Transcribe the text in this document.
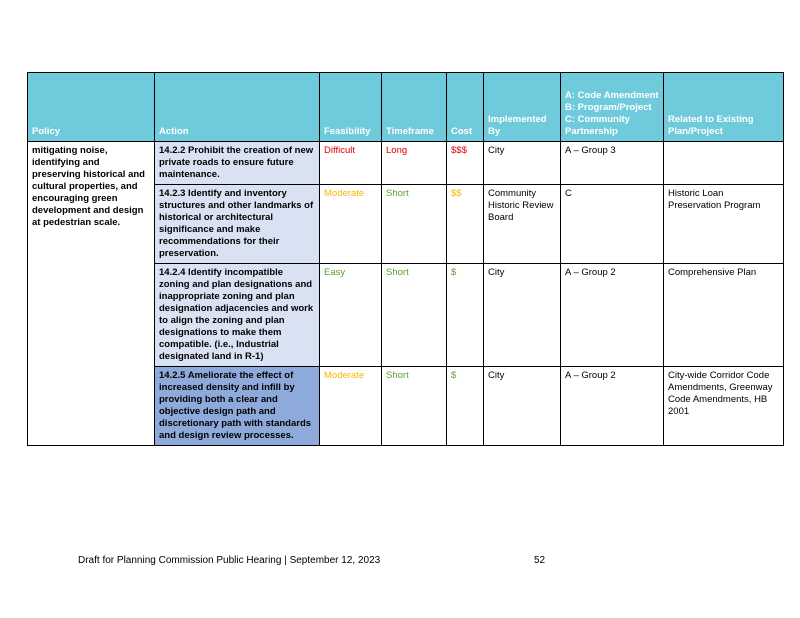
Policy	Action	Feasibility	Timeframe	Cost	Implemented By	A: Code Amendment
B: Program/Project
C: Community Partnership	Related to Existing Plan/Project
mitigating noise, identifying and preserving historical and cultural properties, and encouraging green development and design at pedestrian scale.	14.2.2 Prohibit the creation of new private roads to ensure future maintenance.	Difficult	Long	$$$	City	A – Group 3	
	14.2.3 Identify and inventory structures and other landmarks of historical or architectural significance and make recommendations for their preservation.	Moderate	Short	$$	Community Historic Review Board	C	Historic Loan Preservation Program
	14.2.4 Identify incompatible zoning and plan designations and inappropriate zoning and plan designation adjacencies and work to align the zoning and plan designations to make them compatible. (i.e., Industrial designated land in R-1)	Easy	Short	$	City	A – Group 2	Comprehensive Plan
	14.2.5 Ameliorate the effect of increased density and infill by providing both a clear and objective design path and discretionary path with standards and design review processes.	Moderate	Short	$	City	A – Group 2	City-wide Corridor Code Amendments, Greenway Code Amendments, HB 2001
Draft for Planning Commission Public Hearing | September 12, 2023	52
